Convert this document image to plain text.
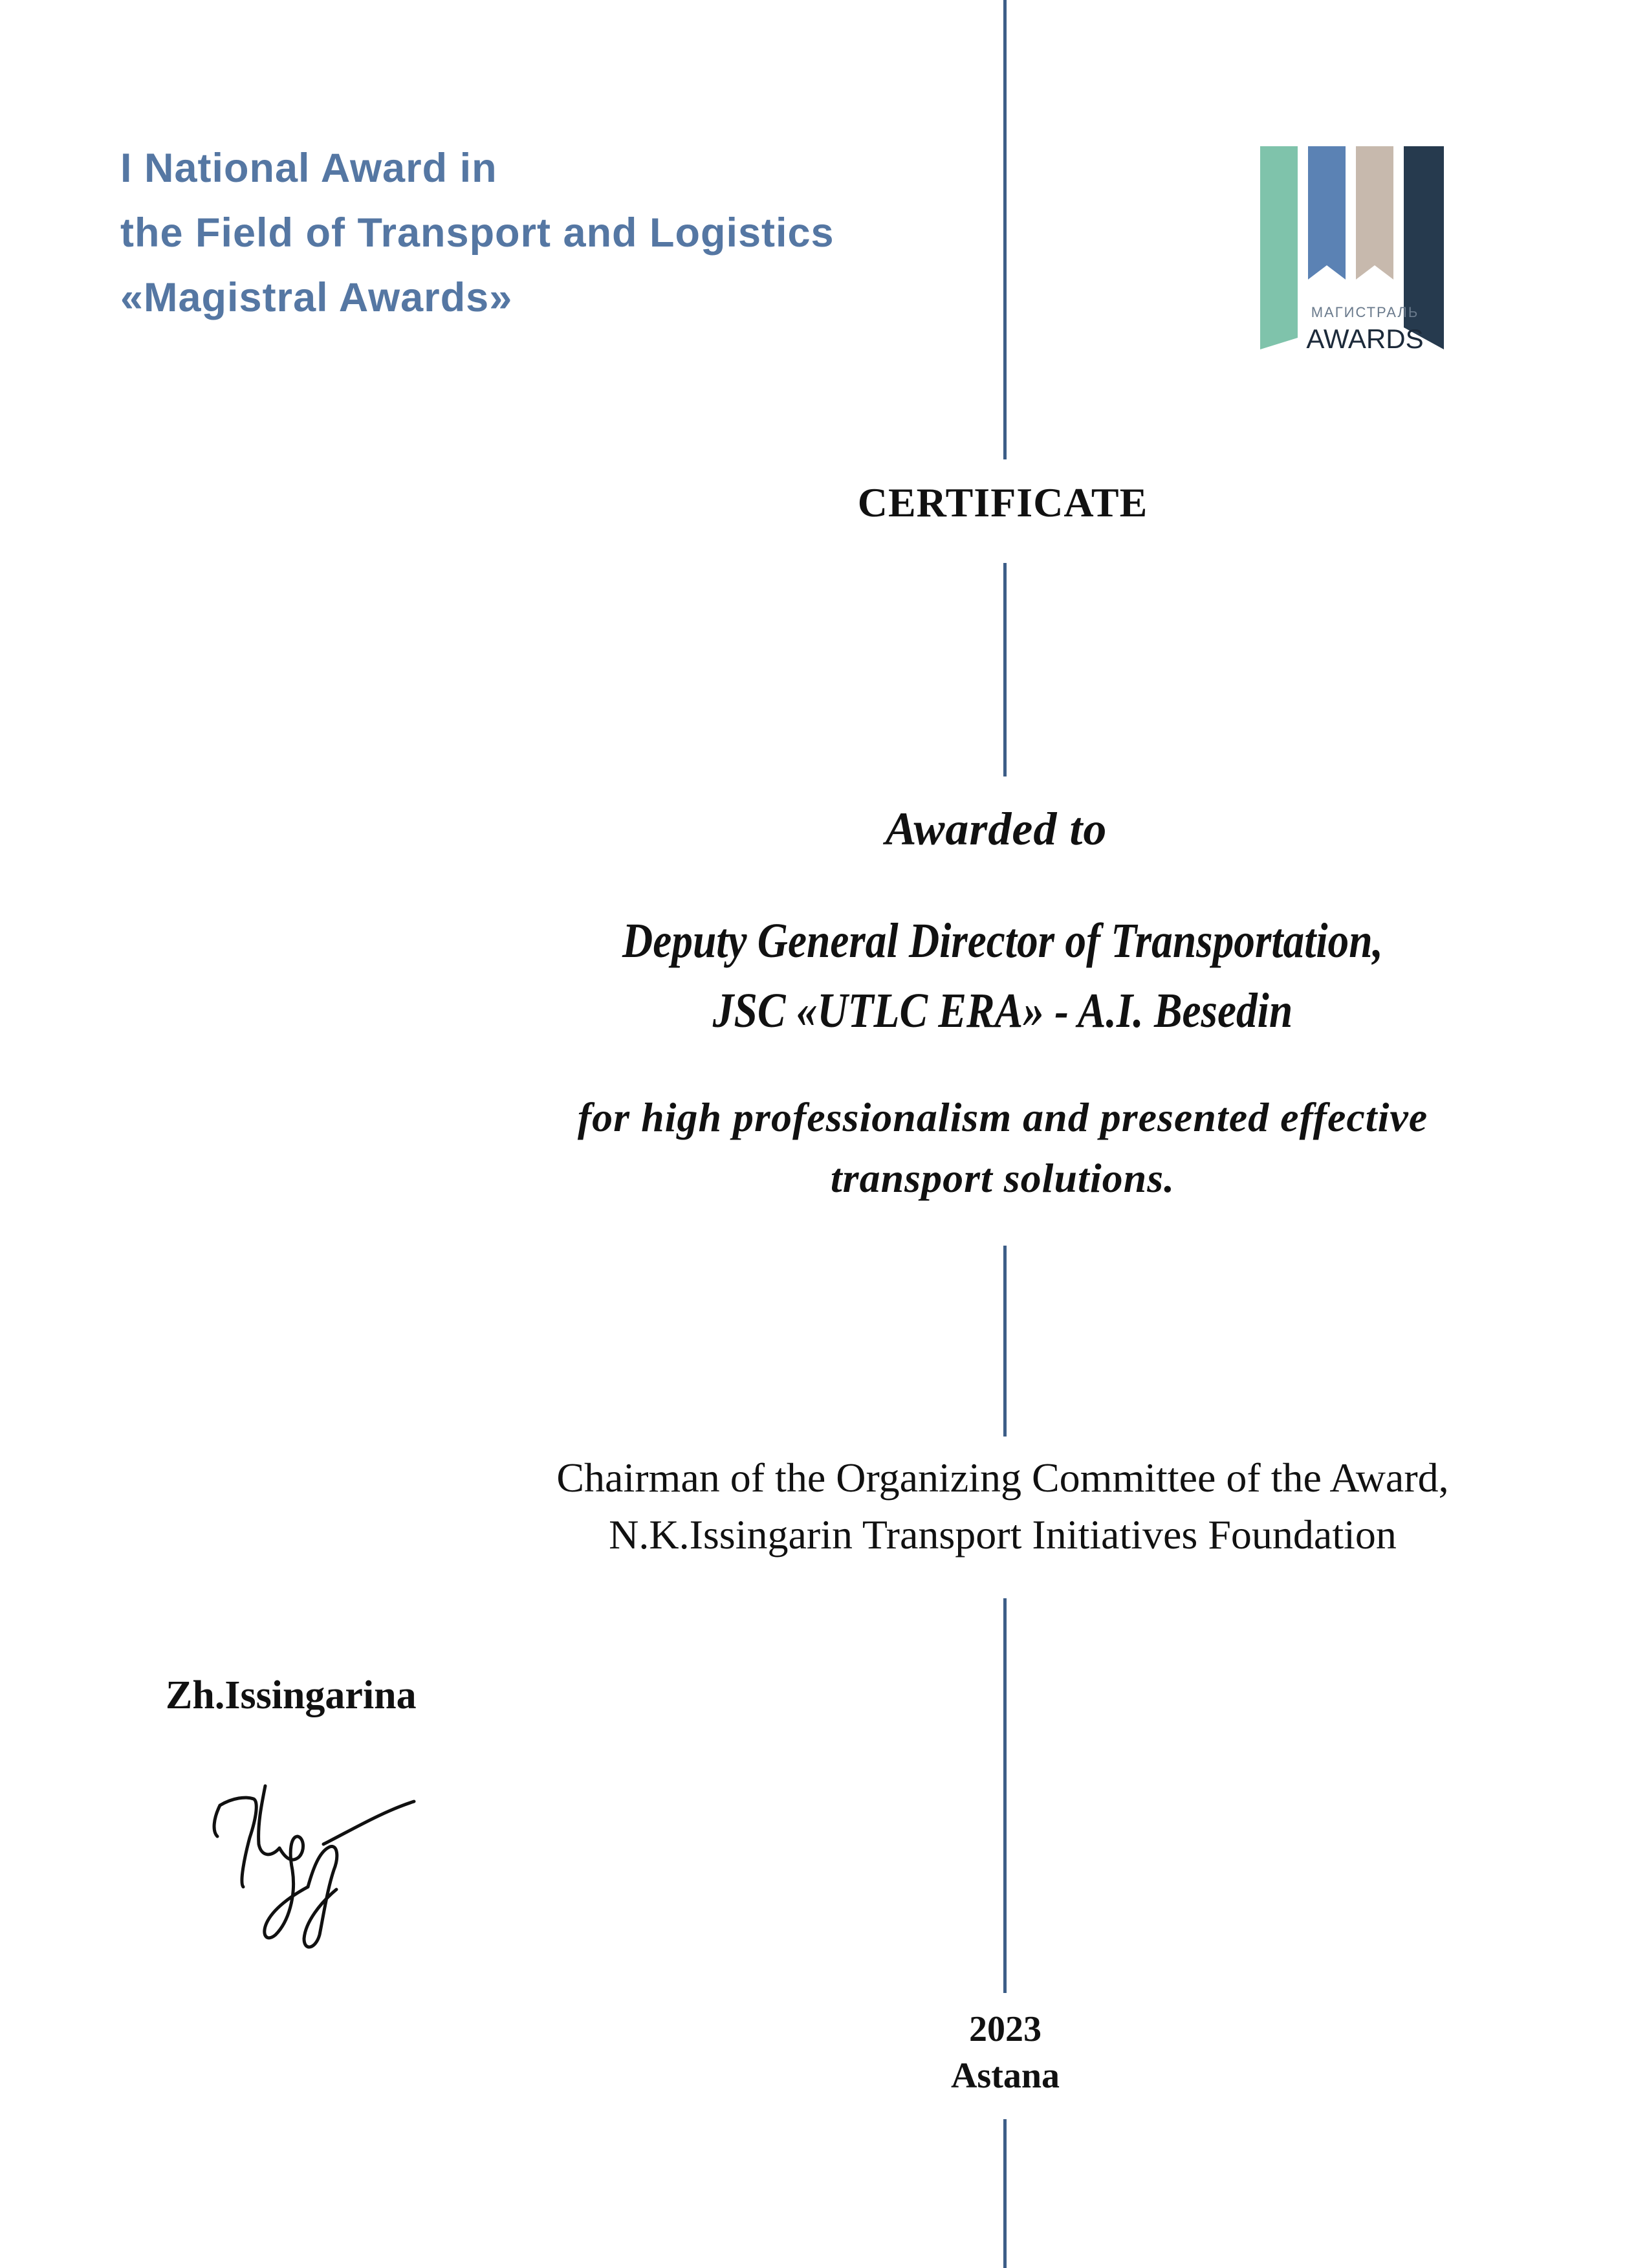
I National Award in
the Field of Transport and Logistics
«Magistral Awards»	МАГИСТРАЛЬ
AWARDS
CERTIFICATE
Awarded to
Deputy General Director of Transportation,
JSC «UTLC ERA» - A.I. Besedin
for high professionalism and presented effective
transport solutions.
Chairman of the Organizing Committee of the Award,
N.K.Issingarin Transport Initiatives Foundation
Zh.Issingarina
2023
Astana
